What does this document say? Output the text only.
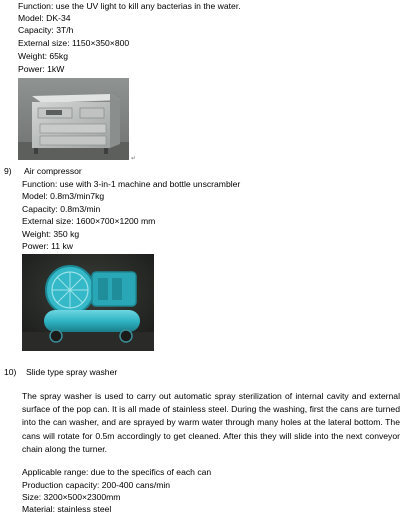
Function: use the UV light to kill any bacterias in the water.
Model: DK-34
Capacity: 3T/h
External size: 1150×350×800
Weight: 65kg
Power: 1kW
↵
9) Air compressor
Function: use with 3-in-1 machine and bottle unscrambler
Model: 0.8m3/min7kg
Capacity: 0.8m3/min
External size: 1600×700×1200 mm
Weight: 350 kg
Power: 11 kw
10) Slide type spray washer
The spray washer is used to carry out automatic spray sterilization of internal cavity and external surface of the pop can. It is all made of stainless steel. During the washing, first the cans are turned into the can washer, and are sprayed by warm water through many holes at the lateral bottom. The cans will rotate for 0.5m accordingly to get cleaned. After this they will slide into the next conveyor chain along the turner.
Applicable range: due to the specifics of each can
Production capacity: 200-400 cans/min
Size: 3200×500×2300mm
Material: stainless steel
